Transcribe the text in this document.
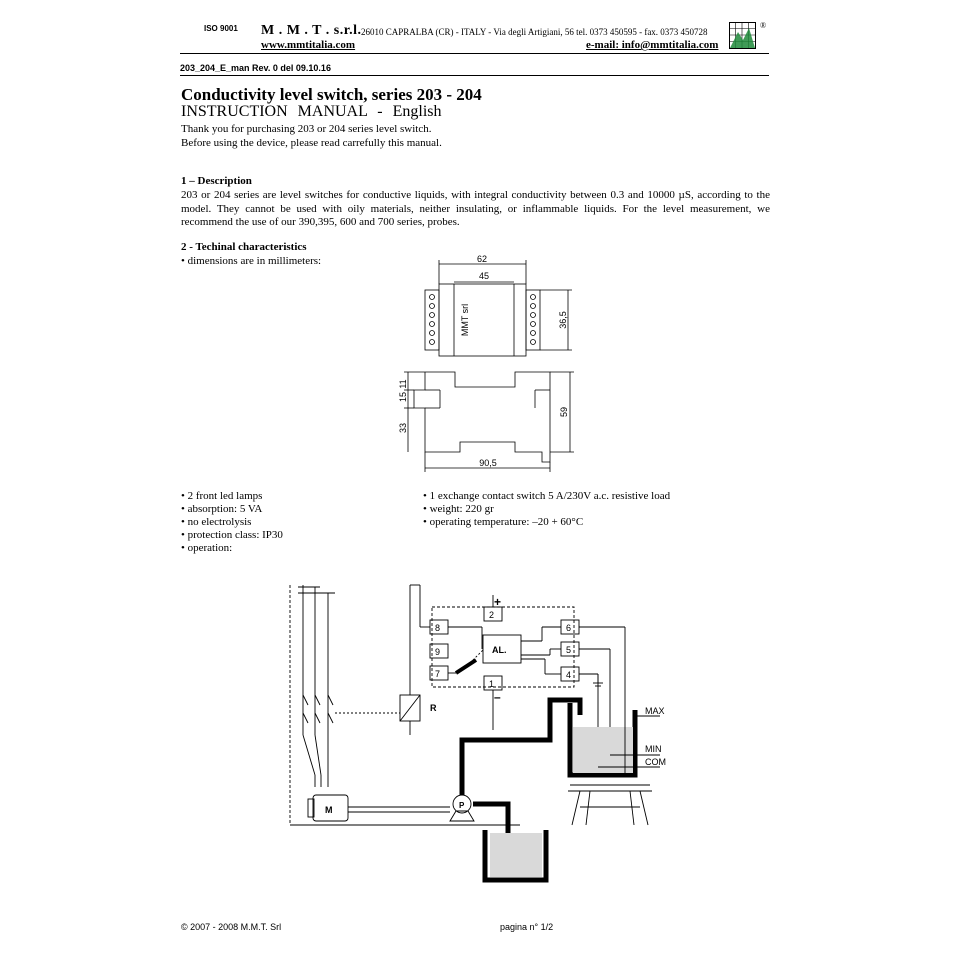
ISO 9001 M . M . T . s.r.l. 26010 CAPRALBA (CR) - ITALY - Via degli Artigiani, 56 tel. 0373 450595 - fax. 0373 450728
www.mmtitalia.com	e-mail: info@mmtitalia.com
®
203_204_E_man Rev. 0 del 09.10.16
Conductivity level switch, series 203 - 204
INSTRUCTION MANUAL - English
Thank you for purchasing 203 or 204 series level switch.
Before using the device, please read carrefully this manual.
1 – Description
203 or 204 series are level switches for conductive liquids, with integral conductivity between 0.3 and 10000 µS, according to the model. They cannot be used with oily materials, neither insulating, or inflammable liquids. For the level measurement, we recommend the use of our 390,395, 600 and 700 series, probes.
2 - Techinal characteristics
• dimensions are in millimeters:	62
45
36,5
MMT srl
11
15
33
59
90,5
• 2 front led lamps
• absorption: 5 VA
• no electrolysis
• protection class: IP30
• operation:
• 1 exchange contact switch 5 A/230V a.c. resistive load
• weight: 220 gr
• operating temperature: –20 + 60°C
2
8
9
7
1
6
5
4
AL.
+
–
R
M	P
MAX
MIN
COM
© 2007 - 2008 M.M.T. Srl	pagina n° 1/2
